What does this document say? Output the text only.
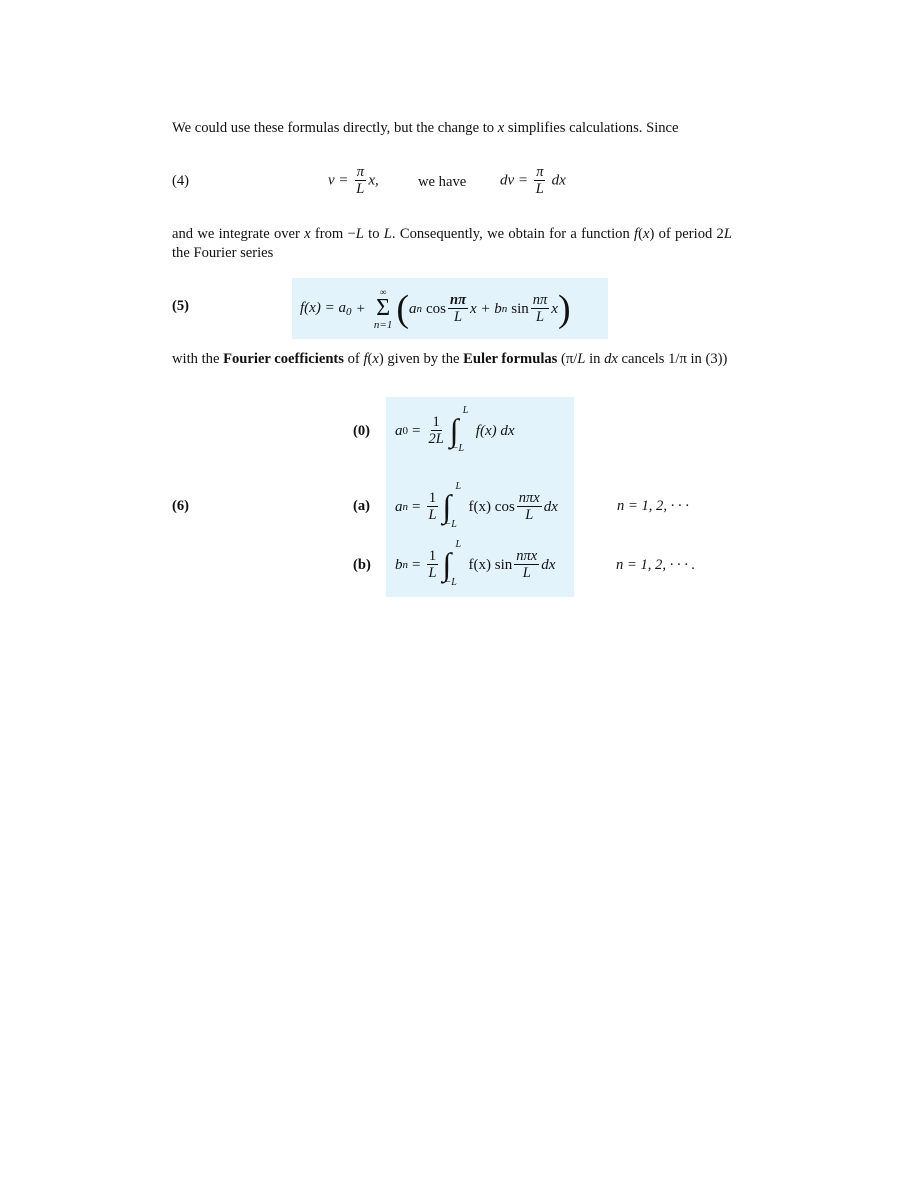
We could use these formulas directly, but the change to x simplifies calculations. Since
(4)	$v = \frac{\pi}{L} x$,	we have dv = $\frac{\pi}{L}$ dx
and we integrate over x from −L to L. Consequently, we obtain for a function f(x) of period 2L the Fourier series
(5)	$f(x) = a_0$ +
∞
Σ
n=1 ( a n $\cos \frac{n\pi}{L}$ x + b n $\sin \frac{n\pi}{L}$ x )
with the Fourier coefficients of f(x) given by the Euler formulas (π/L in dx cancels 1/π in (3))
(6)
(0) a $0 = \frac{1}{2L}$ ∫
L
−L
f(x) dx
(a) a $n = \frac{1}{L}$ ∫
L
−L
f(x) $\cos \frac{\text{nπx}}{L}$ dx	n = 1, 2, · · ·
(b) b $n = \frac{1}{L}$ ∫
L
−L
f(x) $\sin \frac{\text{nπx}}{L}$ dx	n = 1, 2, · · · .
